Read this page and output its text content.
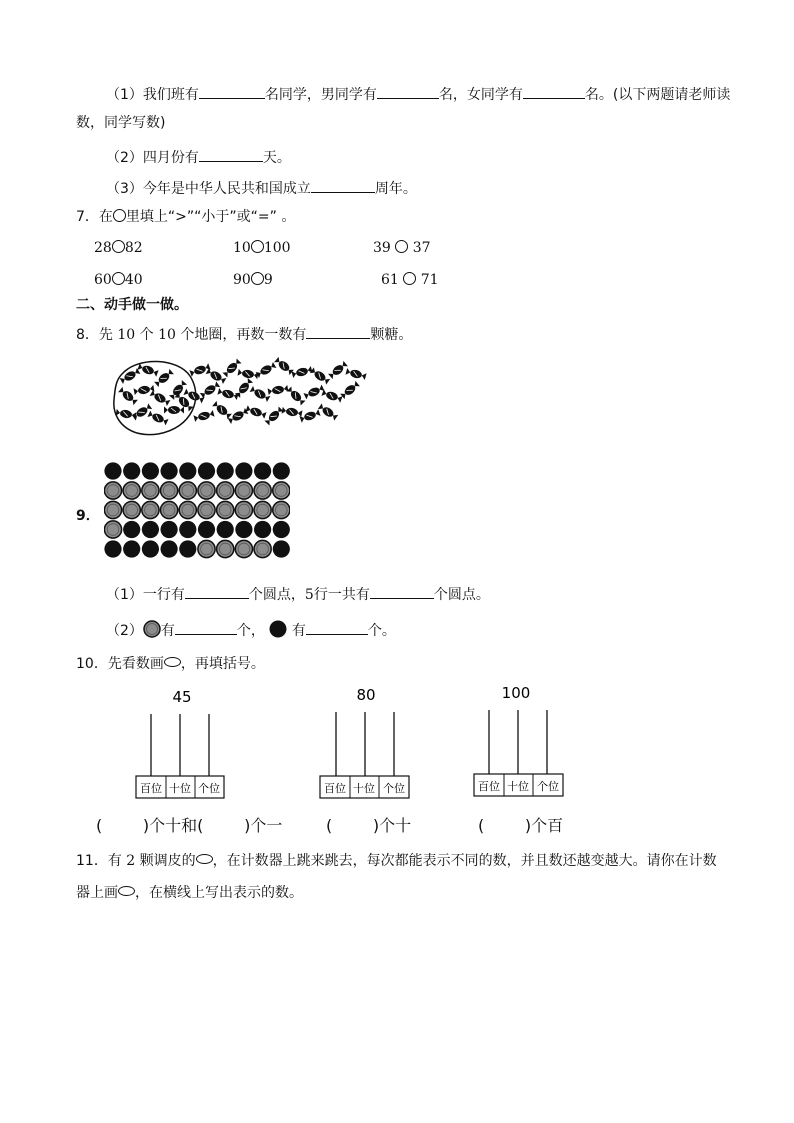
（1）我们班有	名同学，男同学有	名，女同学有	名。(以下两题请老师读
数，同学写数)
（2）四月份有	天。
（3）今年是中华人民共和国成立	周年。
7．在 里填上“>”“小于”或“=” 。
28 82	10 100	39 37
60 40	90 9	61 71
二、动手做一做。
8．先 10 个 10 个地圈，再数一数有	颗糖。
9．
（1）一行有	个圆点，5行一共有	个圆点。
（2） 有	个， 有	个。
10．先看数画 ，再填括号。
45
百位 十位 个位
80
百位 十位 个位
100
百位 十位 个位
(        )个十和(        )个一	(        )个十	(        )个百
11．有 2 颗调皮的 ，在计数器上跳来跳去，每次都能表示不同的数，并且数还越变越大。请你在计数
器上画 ，在横线上写出表示的数。
